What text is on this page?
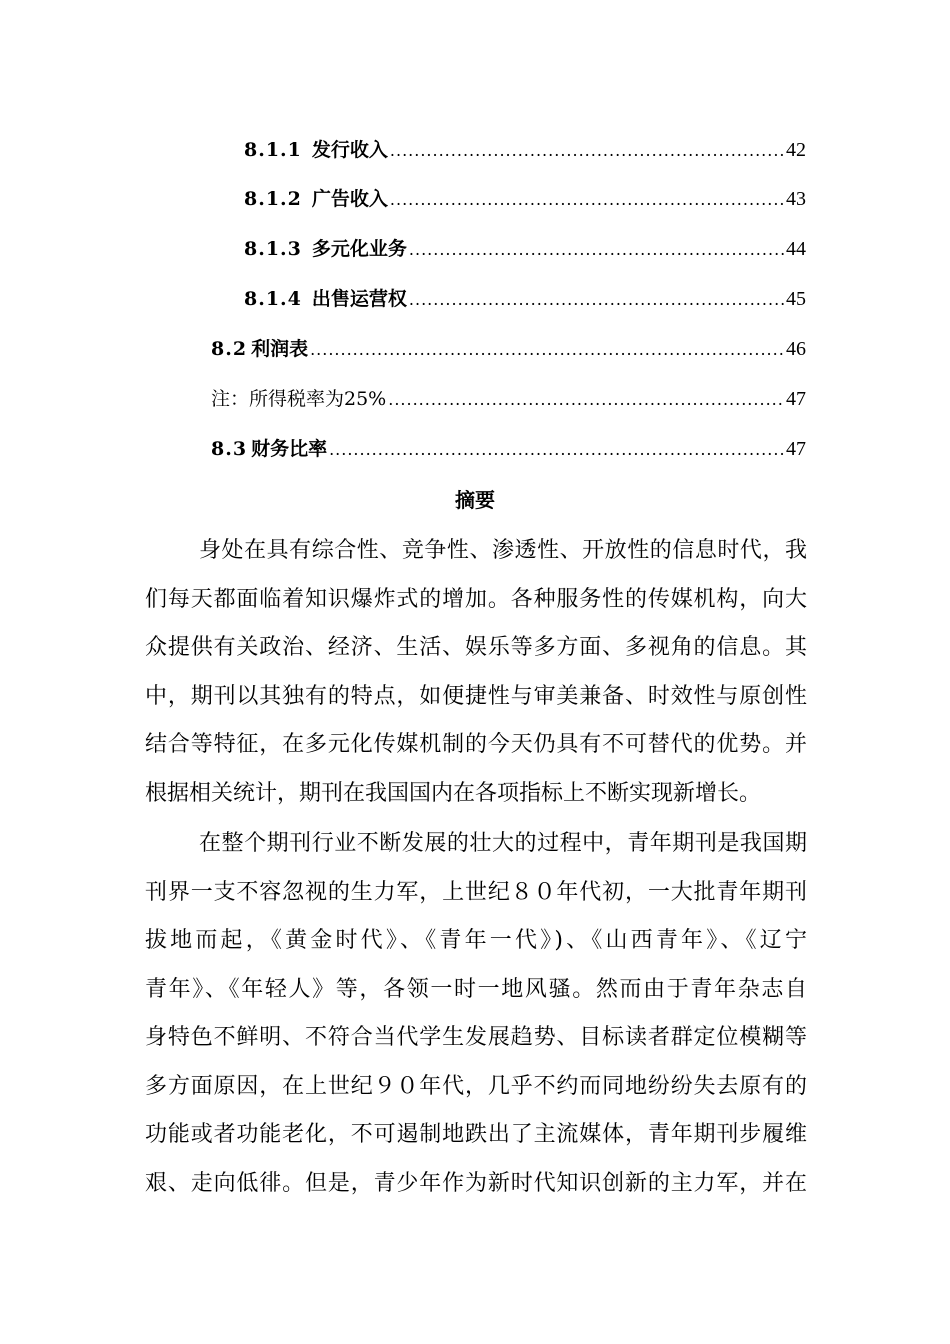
8.1.1 发行收入 .....	42
8.1.2 广告收入 .....	43
8.1.3 多元化业务 .....	44
8.1.4 出售运营权 .....	45
8.2 利润表 .....	46
注：所得税率为25% .....	47
8.3 财务比率 .....	47
摘要
身处在具有综合性、竞争性、渗透性、开放性的信息时代，我
们每天都面临着知识爆炸式的增加。各种服务性的传媒机构，向大
众提供有关政治、经济、生活、娱乐等多方面、多视角的信息。其
中，期刊以其独有的特点，如便捷性与审美兼备、时效性与原创性
结合等特征，在多元化传媒机制的今天仍具有不可替代的优势。并
根据相关统计，期刊在我国国内在各项指标上不断实现新增长。
在整个期刊行业不断发展的壮大的过程中，青年期刊是我国期
刊界一支不容忽视的生力军，上世纪８０年代初，一大批青年期刊
拔地而起，《黄金时代》、《青年一代》)、《山西青年》、《辽宁
青年》、《年轻人》等，各领一时一地风骚。然而由于青年杂志自
身特色不鲜明、不符合当代学生发展趋势、目标读者群定位模糊等
多方面原因，在上世纪９０年代，几乎不约而同地纷纷失去原有的
功能或者功能老化，不可遏制地跌出了主流媒体，青年期刊步履维
艰、走向低徘。但是，青少年作为新时代知识创新的主力军，并在
